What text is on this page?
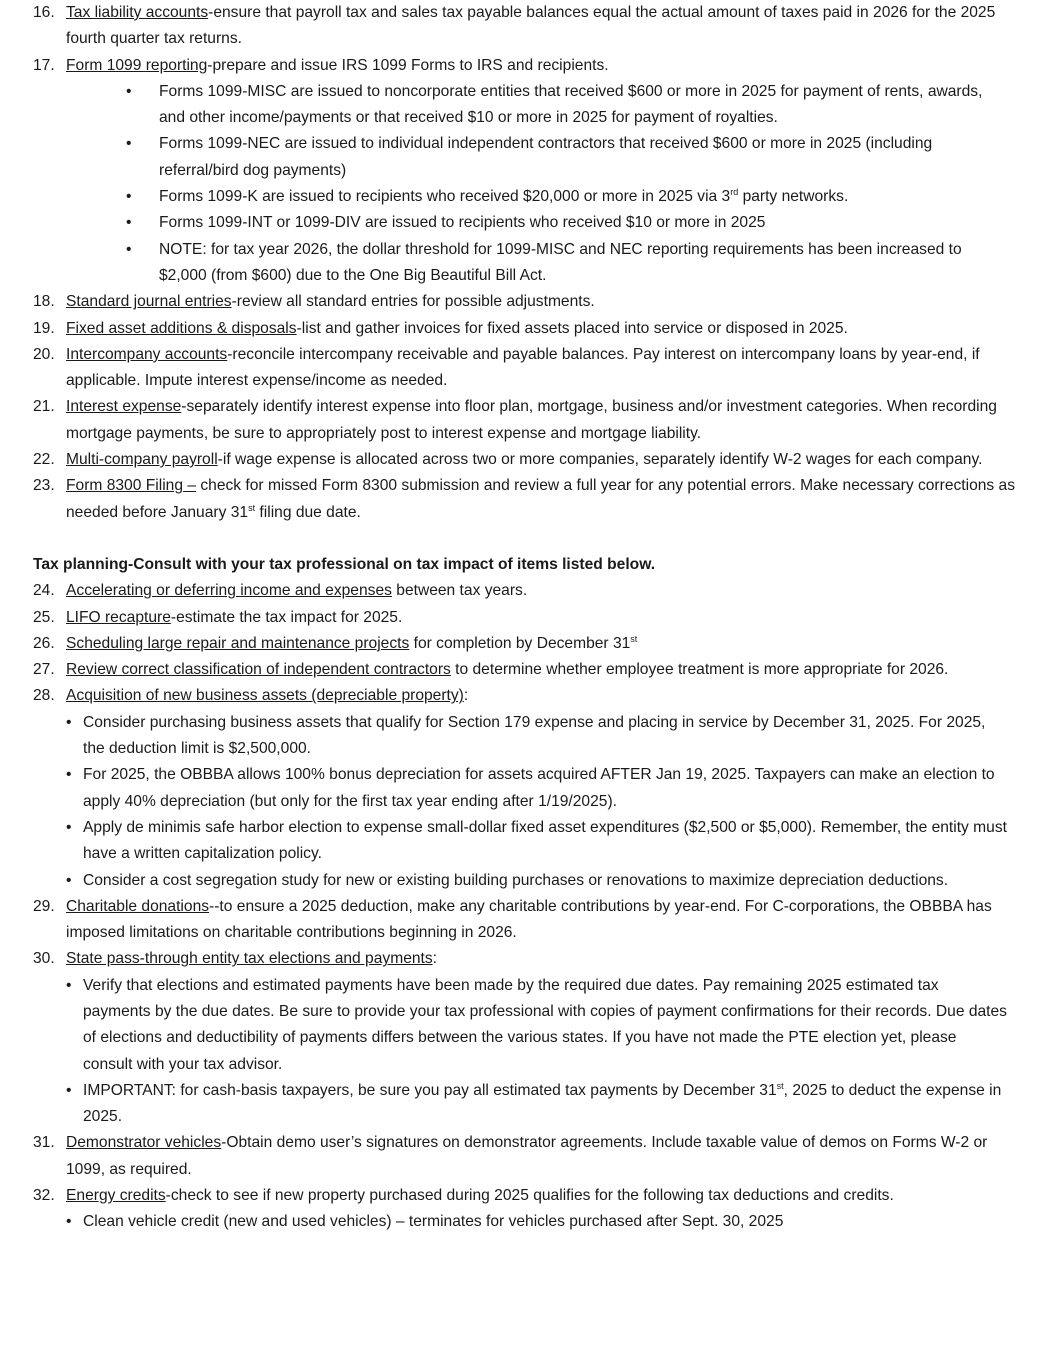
16. Tax liability accounts-ensure that payroll tax and sales tax payable balances equal the actual amount of taxes paid in 2026 for the 2025 fourth quarter tax returns.
17. Form 1099 reporting-prepare and issue IRS 1099 Forms to IRS and recipients.
• Forms 1099-MISC are issued to noncorporate entities that received $600 or more in 2025 for payment of rents, awards, and other income/payments or that received $10 or more in 2025 for payment of royalties.
• Forms 1099-NEC are issued to individual independent contractors that received $600 or more in 2025 (including referral/bird dog payments)
• Forms 1099-K are issued to recipients who received $20,000 or more in 2025 via 3rd party networks.
• Forms 1099-INT or 1099-DIV are issued to recipients who received $10 or more in 2025
• NOTE: for tax year 2026, the dollar threshold for 1099-MISC and NEC reporting requirements has been increased to $2,000 (from $600) due to the One Big Beautiful Bill Act.
18. Standard journal entries-review all standard entries for possible adjustments.
19. Fixed asset additions & disposals-list and gather invoices for fixed assets placed into service or disposed in 2025.
20. Intercompany accounts-reconcile intercompany receivable and payable balances. Pay interest on intercompany loans by year-end, if applicable. Impute interest expense/income as needed.
21. Interest expense-separately identify interest expense into floor plan, mortgage, business and/or investment categories. When recording mortgage payments, be sure to appropriately post to interest expense and mortgage liability.
22. Multi-company payroll-if wage expense is allocated across two or more companies, separately identify W-2 wages for each company.
23. Form 8300 Filing – check for missed Form 8300 submission and review a full year for any potential errors. Make necessary corrections as needed before January 31st filing due date.
Tax planning-Consult with your tax professional on tax impact of items listed below.
24. Accelerating or deferring income and expenses between tax years.
25. LIFO recapture-estimate the tax impact for 2025.
26. Scheduling large repair and maintenance projects for completion by December 31st
27. Review correct classification of independent contractors to determine whether employee treatment is more appropriate for 2026.
28. Acquisition of new business assets (depreciable property):
• Consider purchasing business assets that qualify for Section 179 expense and placing in service by December 31, 2025. For 2025, the deduction limit is $2,500,000.
• For 2025, the OBBBA allows 100% bonus depreciation for assets acquired AFTER Jan 19, 2025. Taxpayers can make an election to apply 40% depreciation (but only for the first tax year ending after 1/19/2025).
• Apply de minimis safe harbor election to expense small-dollar fixed asset expenditures ($2,500 or $5,000). Remember, the entity must have a written capitalization policy.
• Consider a cost segregation study for new or existing building purchases or renovations to maximize depreciation deductions.
29. Charitable donations--to ensure a 2025 deduction, make any charitable contributions by year-end. For C-corporations, the OBBBA has imposed limitations on charitable contributions beginning in 2026.
30. State pass-through entity tax elections and payments:
• Verify that elections and estimated payments have been made by the required due dates. Pay remaining 2025 estimated tax payments by the due dates. Be sure to provide your tax professional with copies of payment confirmations for their records. Due dates of elections and deductibility of payments differs between the various states. If you have not made the PTE election yet, please consult with your tax advisor.
• IMPORTANT: for cash-basis taxpayers, be sure you pay all estimated tax payments by December 31st, 2025 to deduct the expense in 2025.
31. Demonstrator vehicles-Obtain demo user’s signatures on demonstrator agreements. Include taxable value of demos on Forms W-2 or 1099, as required.
32. Energy credits-check to see if new property purchased during 2025 qualifies for the following tax deductions and credits.
• Clean vehicle credit (new and used vehicles) – terminates for vehicles purchased after Sept. 30, 2025
